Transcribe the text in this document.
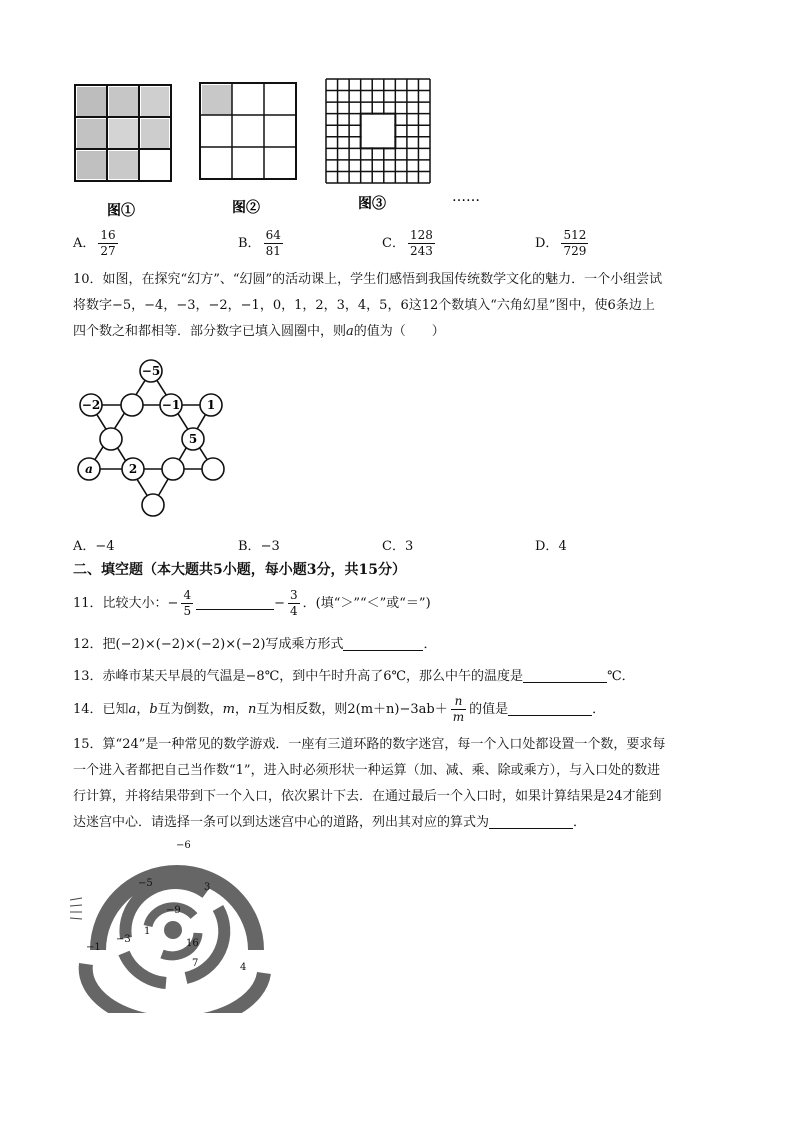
图①	图②	图③	……
A． $\frac{16}{27}$	B． $\frac{64}{81}$	C． $\frac{128}{243}$	D． $\frac{512}{729}$
10．如图，在探究“幻方”、“幻圆”的活动课上，学生们感悟到我国传统数学文化的魅力．一个小组尝试
将数字−5，−4，−3，−2，−1，0，1，2，3，4，5，6这12个数填入“六角幻星”图中，使6条边上
四个数之和都相等．部分数字已填入圆圈中，则a的值为（　　）
−5
−2	−1 1
5
a	2
A．−4	B．−3	C．3	D．4
二、填空题（本大题共5小题，每小题3分，共15分）
11．比较大小：− $\frac{4}{5}$	− $\frac{3}{4}$ ．(填“＞”“＜”或“＝”)
12．把(−2)×(−2)×(−2)×(−2)写成乘方形式	．
13．赤峰市某天早晨的气温是−8℃，到中午时升高了6℃，那么中午的温度是	℃．
14．已知a，b互为倒数，m，n互为相反数，则$2(m+n)-3ab+ \frac{n}{m}$ 的值是	．
15．算“24”是一种常见的数学游戏．一座有三道环路的数字迷宫，每一个入口处都设置一个数，要求每
一个进入者都把自己当作数“1”，进入时必须形状一种运算（加、减、乘、除或乘方），与入口处的数进
行计算，并将结果带到下一个入口，依次累计下去．在通过最后一个入口时，如果计算结果是24才能到
达迷宫中心．请选择一条可以到达迷宫中心的道路，列出其对应的算式为	．
−6
−5	3
−9
1
16
−3
−1
7	4
